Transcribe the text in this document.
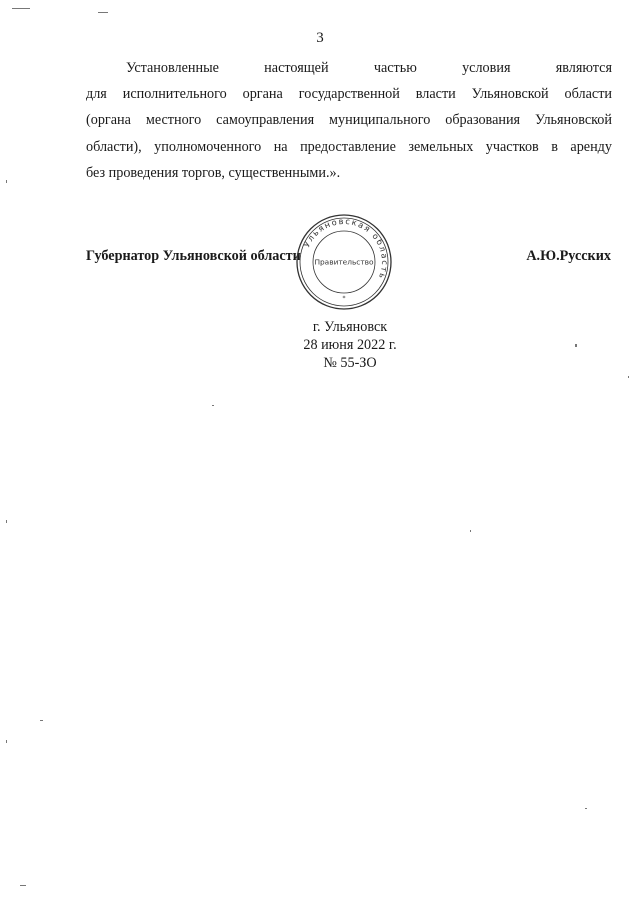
3
Установленные настоящей частью условия являются
для исполнительного органа государственной власти Ульяновской области
(органа местного самоуправления муниципального образования Ульяновской
области), уполномоченного на предоставление земельных участков в аренду
без проведения торгов, существенными.».
Губернатор Ульяновской области	А.Ю.Русских
Ульяновская область
Правительство
*
г. Ульяновск
28 июня 2022 г.
№ 55-ЗО
